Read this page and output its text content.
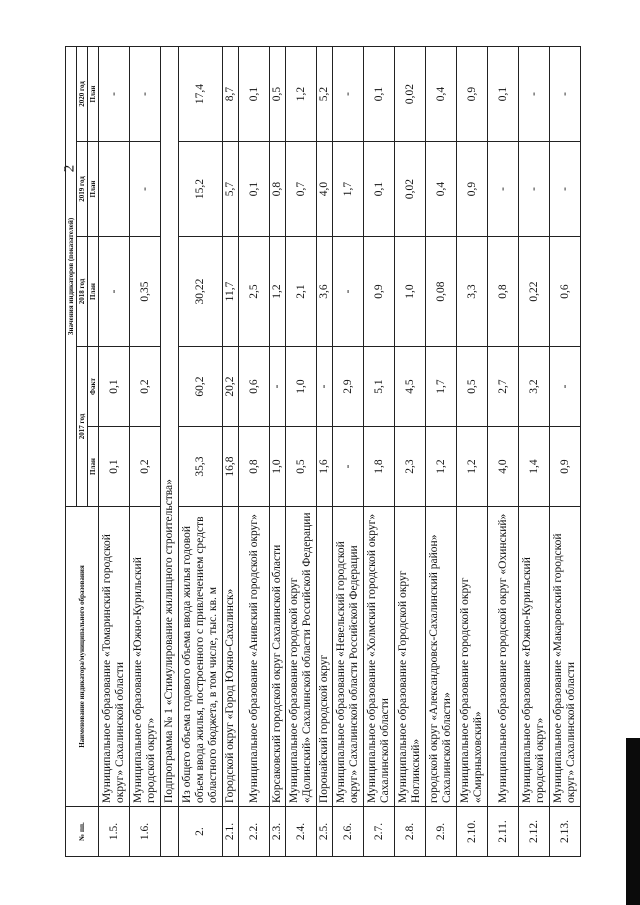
2
№ пп.	Наименование индикатора/муниципального образования	Значения индикаторов (показателей)				
		2017 год		2018 год	2019 год	2020 год
		План	Факт	План	План	План
1.5.	Муниципальное образование «Томаринский городской округ» Сахалинской области	0,1	0,1	-		-
1.6.	Муниципальное образование «Южно-Курильский городской округ»	0,2	0,2	0,35	-	-
	Подпрограмма № 1 «Стимулирование жилищного строительства»					
2.	Из общего объема годового объема ввода жилья годовой объем ввода жилья, построенного с привлечением средств областного бюджета, в том числе, тыс. кв. м	35,3	60,2	30,22	15,2	17,4
2.1.	Городской округ «Город Южно-Сахалинск»	16,8	20,2	11,7	5,7	8,7
2.2.	Муниципальное образование «Анивский городской округ»	0,8	0,6	2,5	0,1	0,1
2.3.	Корсаковский городской округ Сахалинской области	1,0	-	1,2	0,8	0,5
2.4.	Муниципальное образование городской округ «Долинский» Сахалинской области Российской Федерации	0,5	1,0	2,1	0,7	1,2
2.5.	Поронайский городской округ	1,6	-	3,6	4,0	5,2
2.6.	Муниципальное образование «Невельский городской округ» Сахалинской области Российской Федерации	-	2,9	-	1,7	-
2.7.	Муниципальное образование «Холмский городской округ» Сахалинской области	1,8	5,1	0,9	0,1	0,1
2.8.	Муниципальное образование «Городской округ Ногликский»	2,3	4,5	1,0	0,02	0,02
2.9.	городской округ «Александровск-Сахалинский район» Сахалинской области»	1,2	1,7	0,08	0,4	0,4
2.10.	Муниципальное образование городской округ «Смирныховский»	1,2	0,5	3,3	0,9	0,9
2.11.	Муниципальное образование городской округ «Охинский»	4,0	2,7	0,8	-	0,1
2.12.	Муниципальное образование «Южно-Курильский городской округ»	1,4	3,2	0,22	-	-
2.13.	Муниципальное образование «Макаровский городской округ» Сахалинской области	0,9	-	0,6	-	-
